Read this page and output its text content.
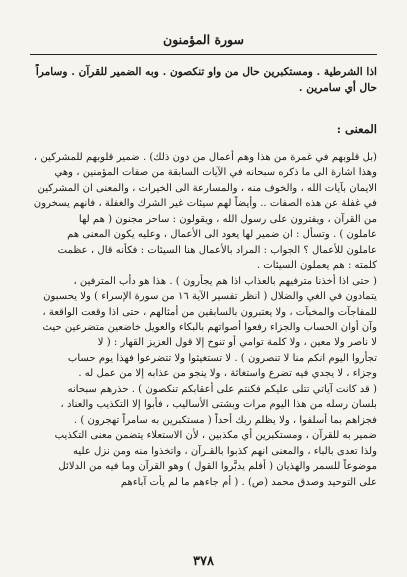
سورة المؤمنون
اذا الشرطية . ومستكبرين حال من واو تنكصون . وبه الضمير للقرآن . وسامراً
حال أي سامرين .
المعنى :
(بل قلوبهم في غمرة من هذا وهم أعمال من دون ذلك) . ضمير قلوبهم للمشركين ،
وهذا اشارة الى ما ذكره سبحانه في الآيات السابقة من صفات المؤمنين ، وهي
الايمان بآيات الله ، والخوف منه ، والمسارعة الى الخيرات ، والمعنى ان المشركين
في غفلة عن هذه الصفات .. وأيضاً لهم سيئات غير الشرك والغفلة ، فانهم يسخرون
من القرآن ، ويفترون على رسول الله ، ويقولون : ساحر مجنون ( هم لها
عاملون ) . وتسأل : ان ضمير لها يعود الى الأعمال ، وعليه يكون المعنى هم
عاملون للأعمال ؟ الجواب : المراد بالأعمال هنا السيئات : فكأنه قال ، عظمت
كلمته : هم يعملون السيئات .
( حتى اذا أخذنا مترفيهم بالعذاب اذا هم يجأرون ) . هذا هو دأب المترفين ،
يتمادون في الغي والضلال ( انظر تفسير الآية ١٦ من سورة الإسراء ) ولا يحسبون
للمفاجآت والمخبآت ، ولا يعتبرون بالسابقين من أمثالهم ، حتى اذا وقعت الواقعة ،
وآن أوان الحساب والجزاء رفعوا أصواتهم بالبكاء والعويل خاضعين متضرعين حيث
لا ناصر ولا معين ، ولا كلمة توامي أو تنوح إلا قول العزيز القهار : ( لا
تجأروا اليوم انكم منا لا تنصرون ) . لا تستغيثوا ولا تتضرعوا فهذا يوم حساب
وجزاء ، لا يجدي فيه تضرع واستغاثة ، ولا ينجو من عذابه إلا من عمل له .
( قد كانت آياتي تتلى عليكم فكنتم على أعقابكم تنكصون ) . حذرهم سبحانه
بلسان رسله من هذا اليوم مرات وبشتى الأساليب ، فأبوا إلا التكذيب والعناد ،
فجزاهم بما أسلفوا ، ولا يظلم ربك أحداً ( مستكبرين به سامراً تهجرون ) .
ضمير به للقرآن ، ومستكبرين أي مكذبين ، لأن الاستعلاء يتضمن معنى التكذيب
ولذا تعدى بالباء ، والمعنى انهم كذبوا بالقـرآن ، واتخذوا منه ومن نزل عليه
موضوعاً للسمر والهذيان ( أفلم يدبَّروا القول ) وهو القرآن وما فيه من الدلائل
على التوحيد وصدق محمد (ص) . ( أم جاءهم ما لم يأت آباءهم
٣٧٨
